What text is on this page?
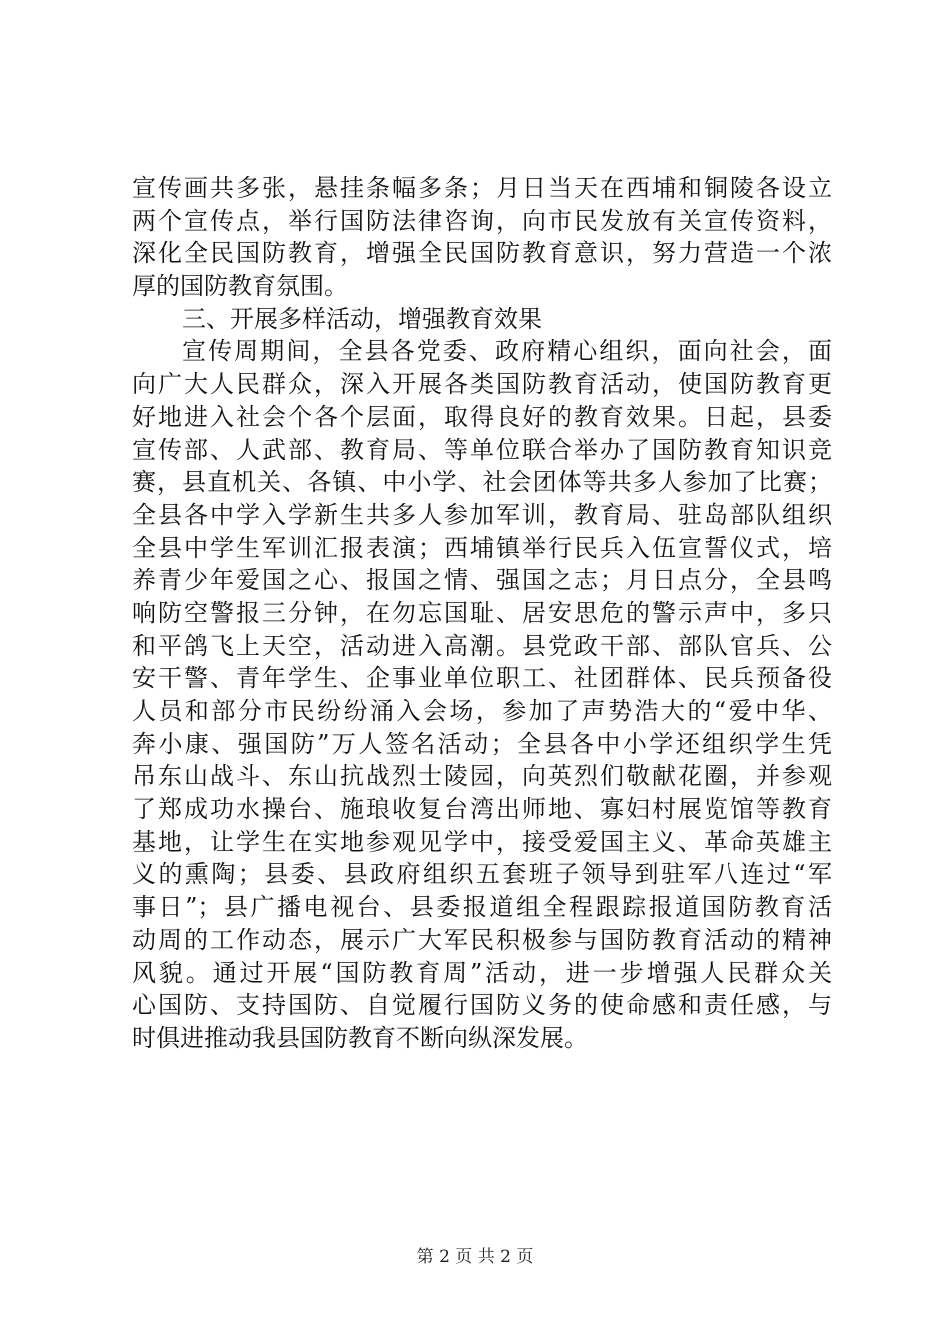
宣传画共多张，悬挂条幅多条；月日当天在西埔和铜陵各设立
两个宣传点，举行国防法律咨询，向市民发放有关宣传资料，
深化全民国防教育，增强全民国防教育意识，努力营造一个浓
厚的国防教育氛围。
三、开展多样活动，增强教育效果
宣传周期间，全县各党委、政府精心组织，面向社会，面
向广大人民群众，深入开展各类国防教育活动，使国防教育更
好地进入社会个各个层面，取得良好的教育效果。日起，县委
宣传部、人武部、教育局、等单位联合举办了国防教育知识竞
赛，县直机关、各镇、中小学、社会团体等共多人参加了比赛；
全县各中学入学新生共多人参加军训，教育局、驻岛部队组织
全县中学生军训汇报表演；西埔镇举行民兵入伍宣誓仪式，培
养青少年爱国之心、报国之情、强国之志；月日点分，全县鸣
响防空警报三分钟，在勿忘国耻、居安思危的警示声中，多只
和平鸽飞上天空，活动进入高潮。县党政干部、部队官兵、公
安干警、青年学生、企事业单位职工、社团群体、民兵预备役
人员和部分市民纷纷涌入会场，参加了声势浩大的“爱中华、
奔小康、强国防”万人签名活动；全县各中小学还组织学生凭
吊东山战斗、东山抗战烈士陵园，向英烈们敬献花圈，并参观
了郑成功水操台、施琅收复台湾出师地、寡妇村展览馆等教育
基地，让学生在实地参观见学中，接受爱国主义、革命英雄主
义的熏陶；县委、县政府组织五套班子领导到驻军八连过“军
事日”；县广播电视台、县委报道组全程跟踪报道国防教育活
动周的工作动态，展示广大军民积极参与国防教育活动的精神
风貌。通过开展“国防教育周”活动，进一步增强人民群众关
心国防、支持国防、自觉履行国防义务的使命感和责任感，与
时俱进推动我县国防教育不断向纵深发展。
第 2 页 共 2 页
